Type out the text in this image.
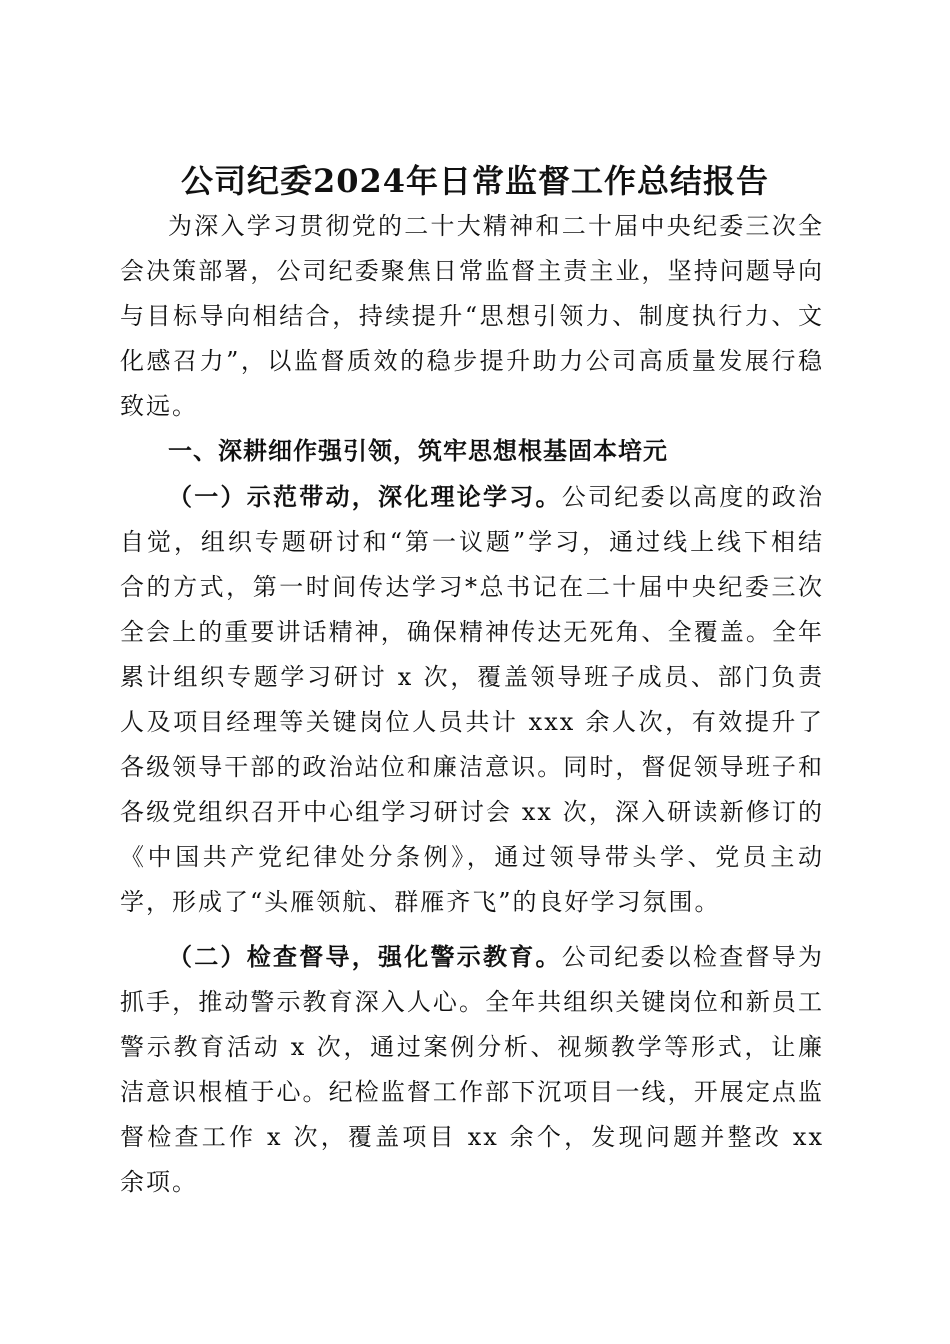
公司纪委2024年日常监督工作总结报告

为深入学习贯彻党的二十大精神和二十届中央纪委三次全会决策部署，公司纪委聚焦日常监督主责主业，坚持问题导向与目标导向相结合，持续提升“思想引领力、制度执行力、文化感召力”，以监督质效的稳步提升助力公司高质量发展行稳致远。

一、深耕细作强引领，筑牢思想根基固本培元

（一）示范带动，深化理论学习。公司纪委以高度的政治自觉，组织专题研讨和“第一议题”学习，通过线上线下相结合的方式，第一时间传达学习*总书记在二十届中央纪委三次全会上的重要讲话精神，确保精神传达无死角、全覆盖。全年累计组织专题学习研讨 x 次，覆盖领导班子成员、部门负责人及项目经理等关键岗位人员共计 xxx 余人次，有效提升了各级领导干部的政治站位和廉洁意识。同时，督促领导班子和各级党组织召开中心组学习研讨会 xx 次，深入研读新修订的《中国共产党纪律处分条例》，通过领导带头学、党员主动学，形成了“头雁领航、群雁齐飞”的良好学习氛围。

（二）检查督导，强化警示教育。公司纪委以检查督导为抓手，推动警示教育深入人心。全年共组织关键岗位和新员工警示教育活动 x 次，通过案例分析、视频教学等形式，让廉洁意识根植于心。纪检监督工作部下沉项目一线，开展定点监督检查工作 x 次，覆盖项目 xx 余个，发现问题并整改 xx 余项。
